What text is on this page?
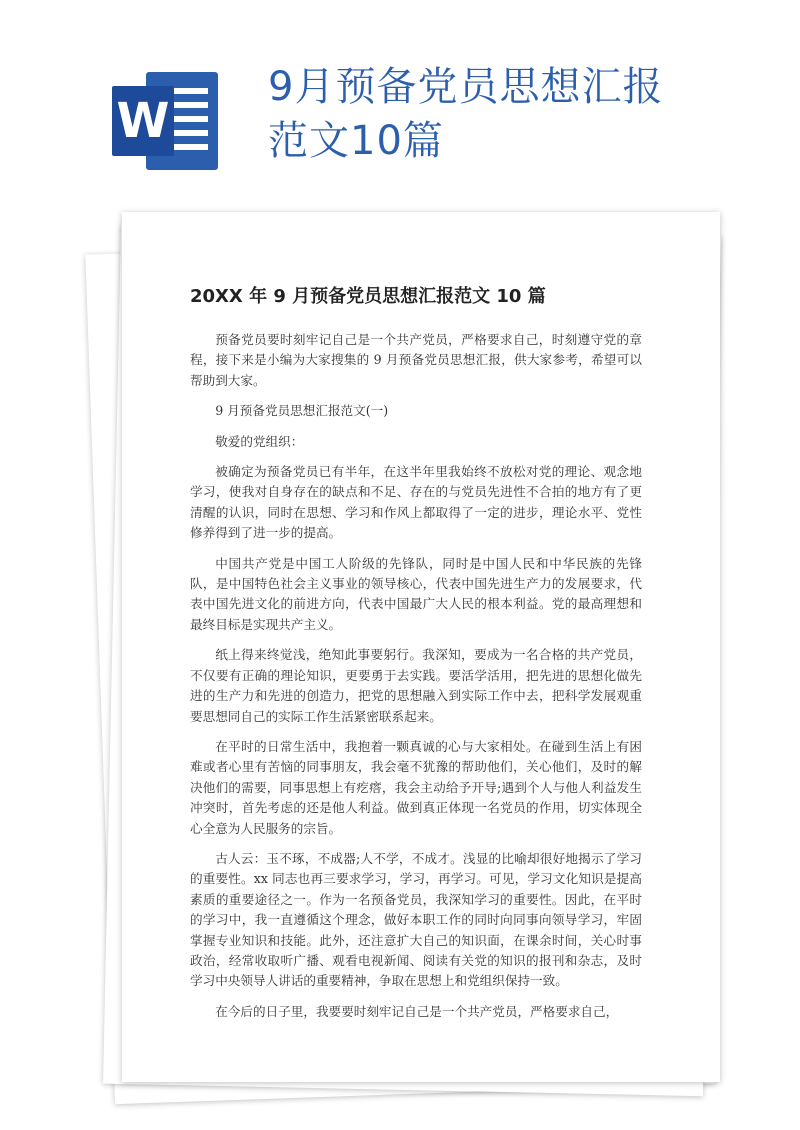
W
9月预备党员思想汇报范文10篇
20XX 年 9 月预备党员思想汇报范文 10 篇

预备党员要时刻牢记自己是一个共产党员，严格要求自己，时刻遵守党的章程，接下来是小编为大家搜集的 9 月预备党员思想汇报，供大家参考，希望可以帮助到大家。

9 月预备党员思想汇报范文(一)

敬爱的党组织：

被确定为预备党员已有半年，在这半年里我始终不放松对党的理论、观念地学习，使我对自身存在的缺点和不足、存在的与党员先进性不合拍的地方有了更清醒的认识，同时在思想、学习和作风上都取得了一定的进步，理论水平、党性修养得到了进一步的提高。

中国共产党是中国工人阶级的先锋队，同时是中国人民和中华民族的先锋队，是中国特色社会主义事业的领导核心，代表中国先进生产力的发展要求，代表中国先进文化的前进方向，代表中国最广大人民的根本利益。党的最高理想和最终目标是实现共产主义。

纸上得来终觉浅，绝知此事要躬行。我深知，要成为一名合格的共产党员，不仅要有正确的理论知识，更要勇于去实践。要活学活用，把先进的思想化做先进的生产力和先进的创造力，把党的思想融入到实际工作中去，把科学发展观重要思想同自己的实际工作生活紧密联系起来。

在平时的日常生活中，我抱着一颗真诚的心与大家相处。在碰到生活上有困难或者心里有苦恼的同事朋友，我会毫不犹豫的帮助他们，关心他们，及时的解决他们的需要，同事思想上有疙瘩，我会主动给予开导;遇到个人与他人利益发生冲突时，首先考虑的还是他人利益。做到真正体现一名党员的作用，切实体现全心全意为人民服务的宗旨。

古人云：玉不琢，不成器;人不学，不成才。浅显的比喻却很好地揭示了学习的重要性。xx 同志也再三要求学习，学习，再学习。可见，学习文化知识是提高素质的重要途径之一。作为一名预备党员，我深知学习的重要性。因此，在平时的学习中，我一直遵循这个理念，做好本职工作的同时向同事向领导学习，牢固掌握专业知识和技能。此外，还注意扩大自己的知识面，在课余时间，关心时事政治，经常收取听广播、观看电视新闻、阅读有关党的知识的报刊和杂志，及时学习中央领导人讲话的重要精神，争取在思想上和党组织保持一致。

在今后的日子里，我要要时刻牢记自己是一个共产党员，严格要求自己，
